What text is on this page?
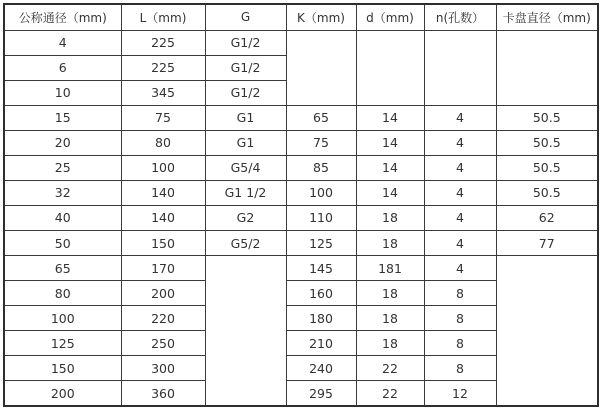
公称通径（mm)	L（mm)	G	K（mm)	d（mm)	n(孔数）	卡盘直径（mm)
4	225	G1/2				
6	225	G1/2				
10	345	G1/2				
15	75	G1	65	14	4	50.5
20	80	G1	75	14	4	50.5
25	100	G5/4	85	14	4	50.5
32	140	G1 1/2	100	14	4	50.5
40	140	G2	110	18	4	62
50	150	G5/2	125	18	4	77
65	170		145	181	4	
80	200		160	18	8	
100	220		180	18	8	
125	250		210	18	8	
150	300		240	22	8	
200	360		295	22	12	
